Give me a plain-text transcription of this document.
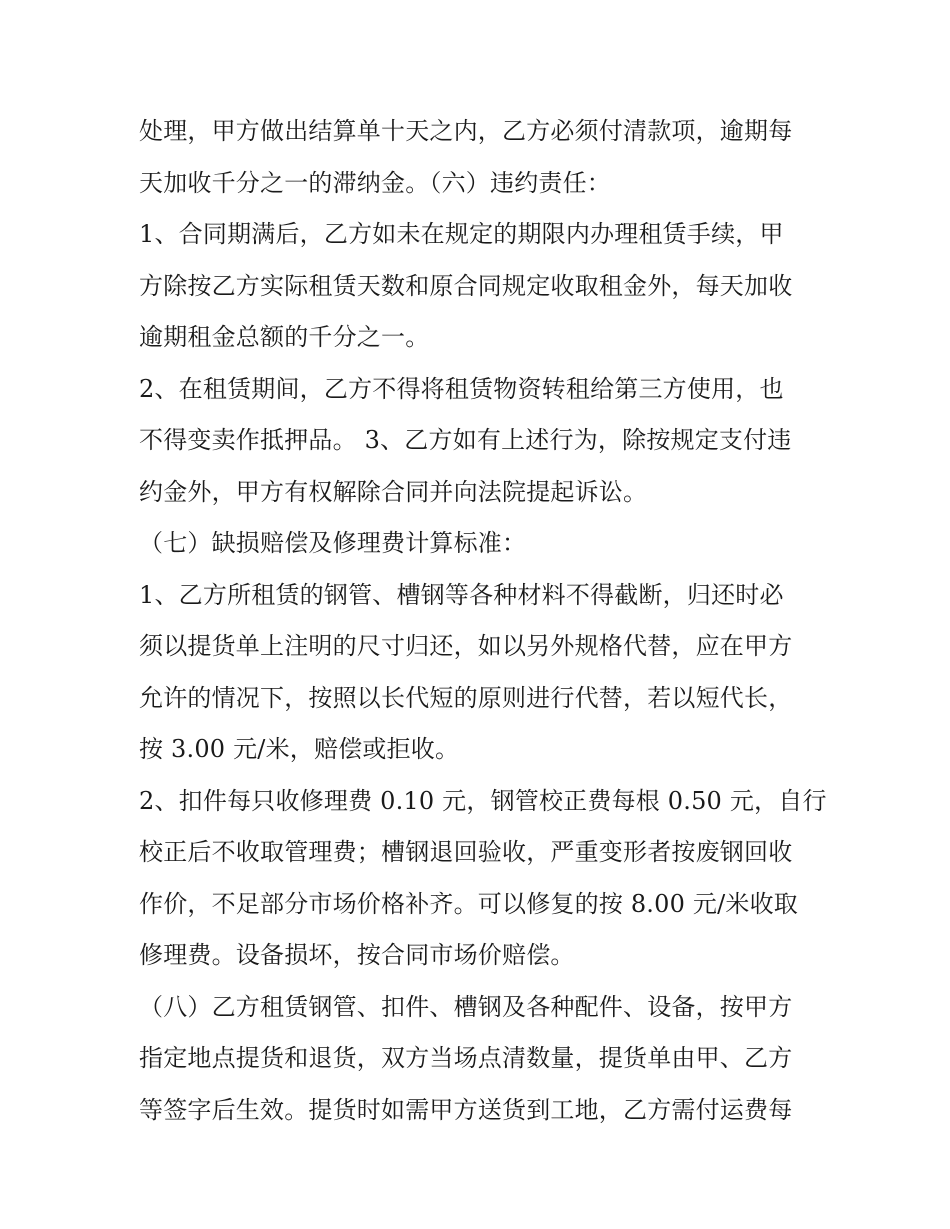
处理，甲方做出结算单十天之内，乙方必须付清款项，逾期每
天加收千分之一的滞纳金。（六）违约责任：
1、合同期满后，乙方如未在规定的期限内办理租赁手续，甲
方除按乙方实际租赁天数和原合同规定收取租金外，每天加收
逾期租金总额的千分之一。
2、在租赁期间，乙方不得将租赁物资转租给第三方使用，也
不得变卖作抵押品。 3、乙方如有上述行为，除按规定支付违
约金外，甲方有权解除合同并向法院提起诉讼。
（七）缺损赔偿及修理费计算标准：
1、乙方所租赁的钢管、槽钢等各种材料不得截断，归还时必
须以提货单上注明的尺寸归还，如以另外规格代替，应在甲方
允许的情况下，按照以长代短的原则进行代替，若以短代长，
按 3.00 元/米，赔偿或拒收。
2、扣件每只收修理费 0.10 元，钢管校正费每根 0.50 元，自行
校正后不收取管理费；槽钢退回验收，严重变形者按废钢回收
作价，不足部分市场价格补齐。可以修复的按 8.00 元/米收取
修理费。设备损坏，按合同市场价赔偿。
（八）乙方租赁钢管、扣件、槽钢及各种配件、设备，按甲方
指定地点提货和退货，双方当场点清数量，提货单由甲、乙方
等签字后生效。提货时如需甲方送货到工地，乙方需付运费每
